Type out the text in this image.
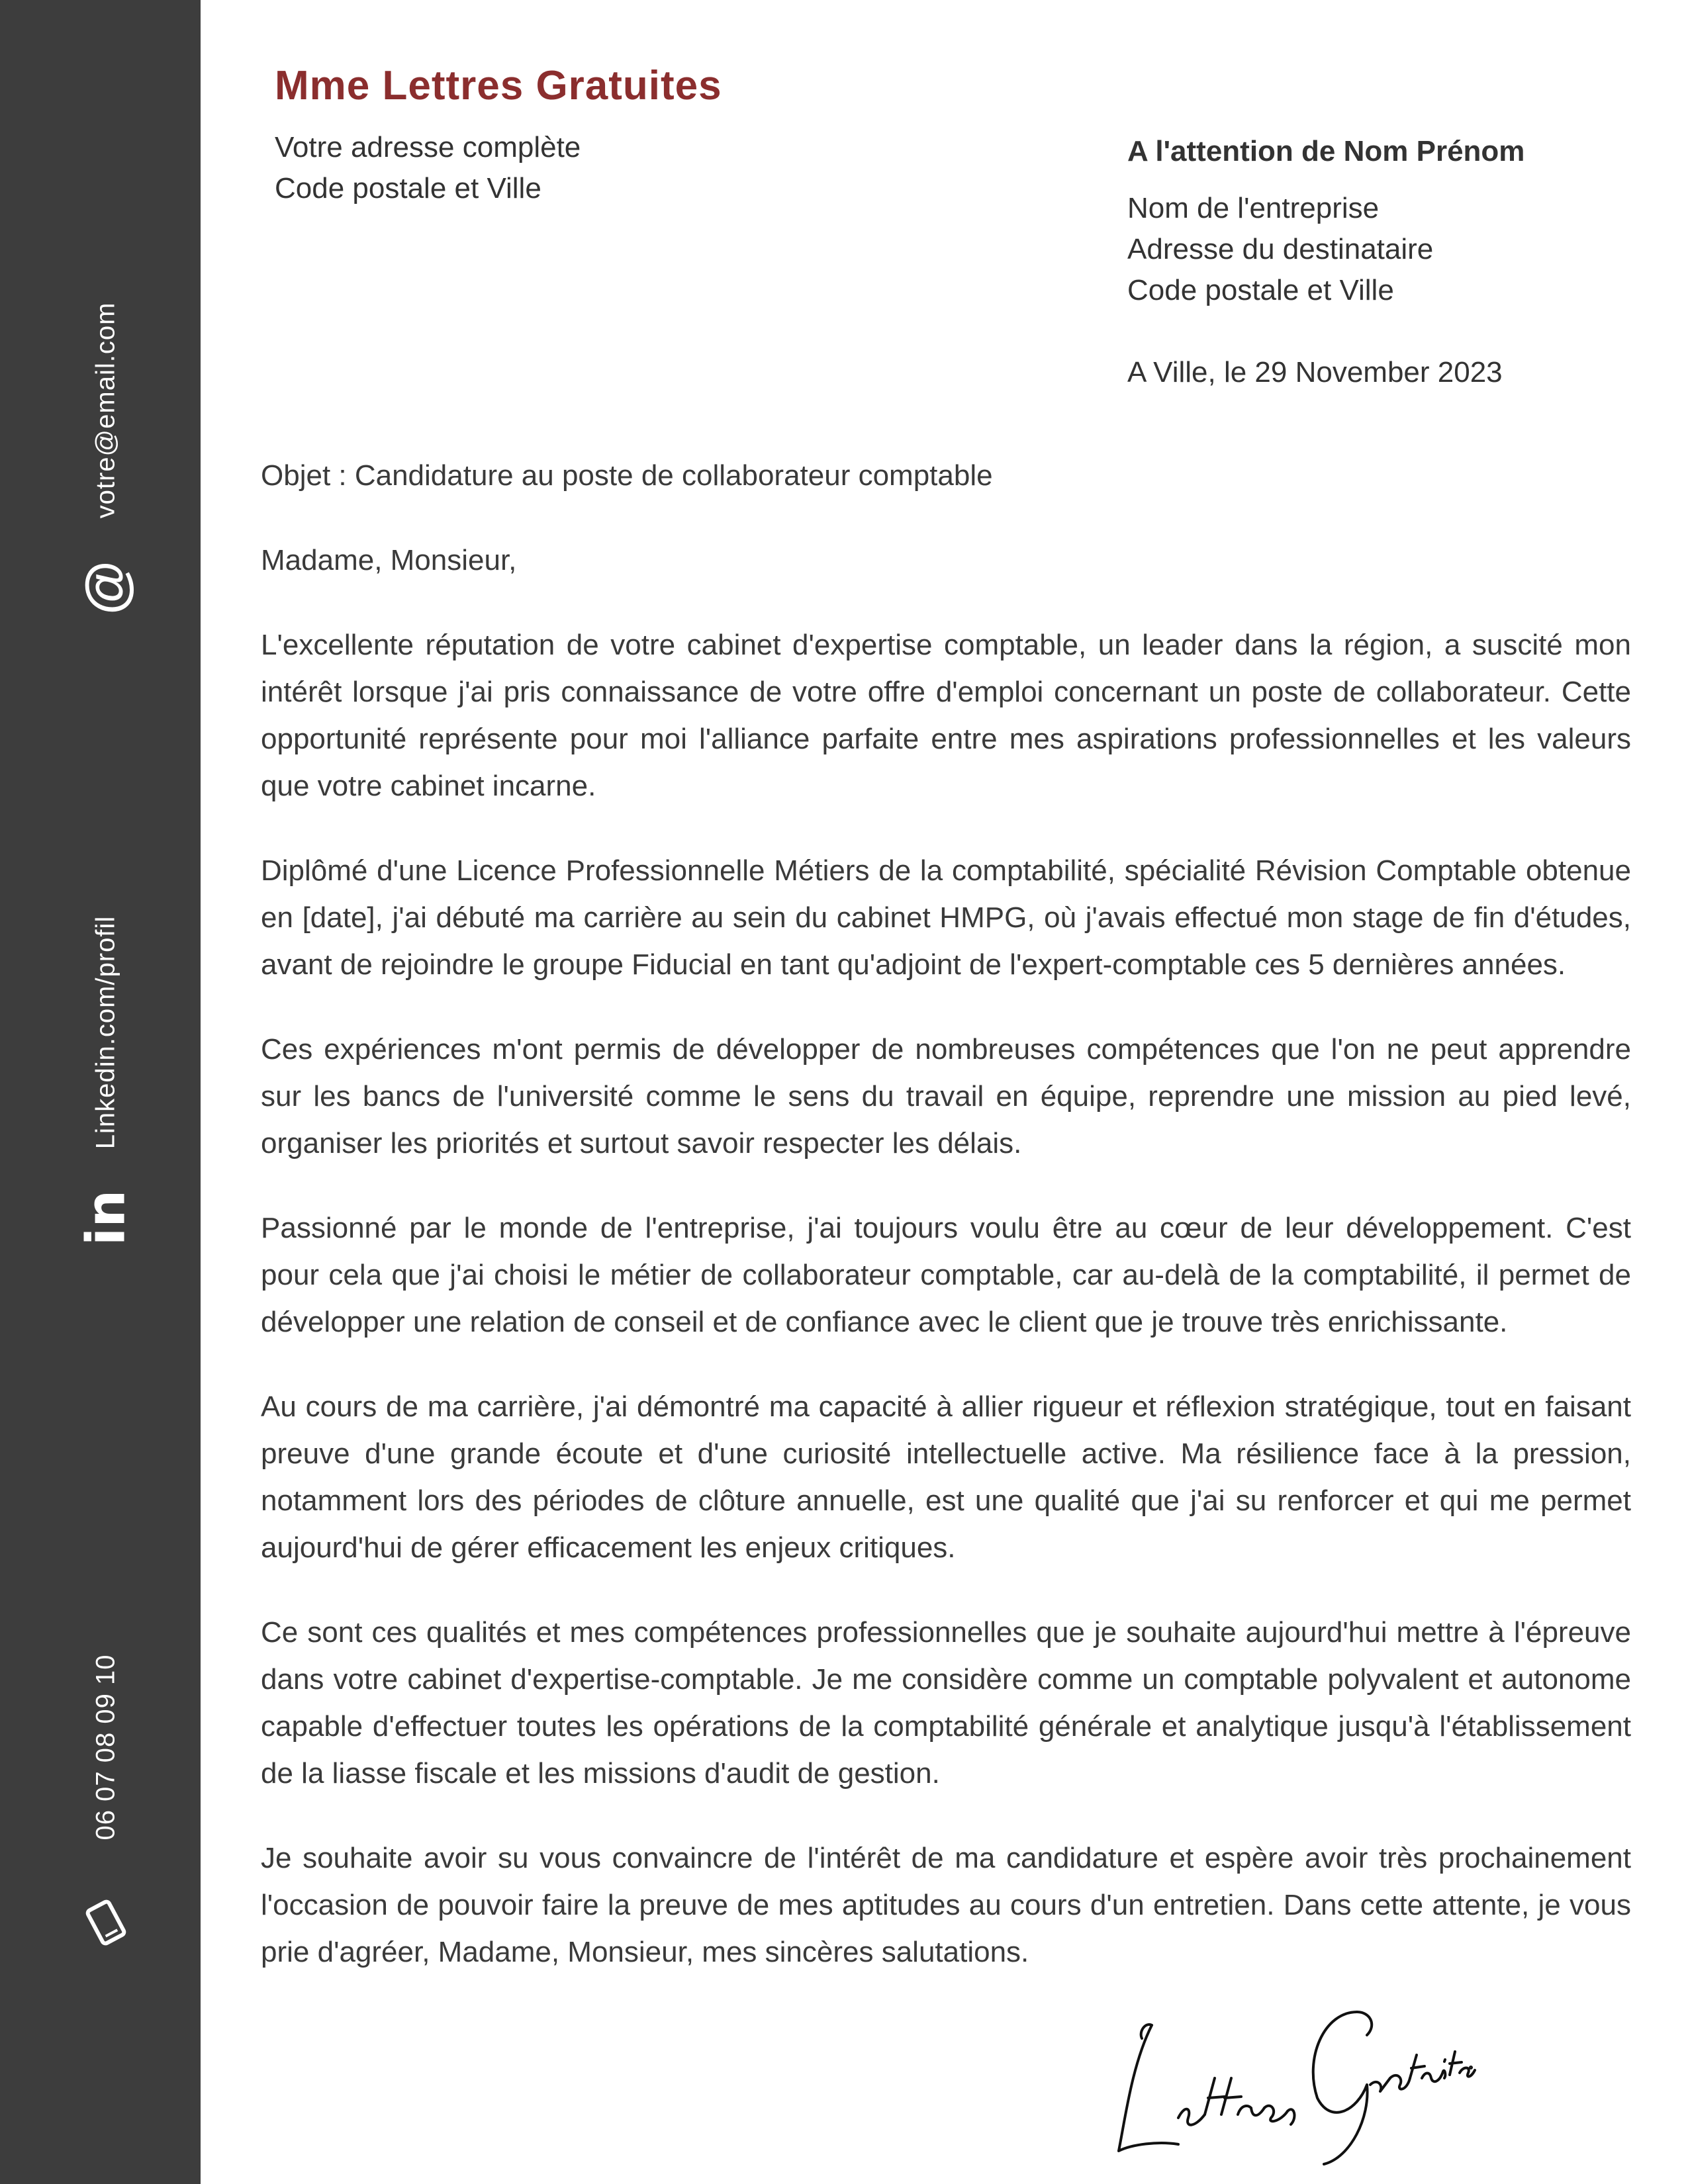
votre@email.com
@
Linkedin.com/profil
in
06 07 08 09 10
Mme Lettres Gratuites
Votre adresse complète
Code postale et Ville
A l'attention de Nom Prénom
Nom de l'entreprise
Adresse du destinataire
Code postale et Ville
A Ville, le 29 November 2023

Objet : Candidature au poste de collaborateur comptable

Madame, Monsieur,

L'excellente réputation de votre cabinet d'expertise comptable, un leader dans la région, a suscité mon intérêt lorsque j'ai pris connaissance de votre offre d'emploi concernant un poste de collaborateur. Cette opportunité représente pour moi l'alliance parfaite entre mes aspirations professionnelles et les valeurs que votre cabinet incarne.

Diplômé d'une Licence Professionnelle Métiers de la comptabilité, spécialité Révision Comptable obtenue en [date], j'ai débuté ma carrière au sein du cabinet HMPG, où j'avais effectué mon stage de fin d'études, avant de rejoindre le groupe Fiducial en tant qu'adjoint de l'expert-comptable ces 5 dernières années.

Ces expériences m'ont permis de développer de nombreuses compétences que l'on ne peut apprendre sur les bancs de l'université comme le sens du travail en équipe, reprendre une mission au pied levé, organiser les priorités et surtout savoir respecter les délais.

Passionné par le monde de l'entreprise, j'ai toujours voulu être au cœur de leur développement. C'est pour cela que j'ai choisi le métier de collaborateur comptable, car au-delà de la comptabilité, il permet de développer une relation de conseil et de confiance avec le client que je trouve très enrichissante.

Au cours de ma carrière, j'ai démontré ma capacité à allier rigueur et réflexion stratégique, tout en faisant preuve d'une grande écoute et d'une curiosité intellectuelle active. Ma résilience face à la pression, notamment lors des périodes de clôture annuelle, est une qualité que j'ai su renforcer et qui me permet aujourd'hui de gérer efficacement les enjeux critiques.

Ce sont ces qualités et mes compétences professionnelles que je souhaite aujourd'hui mettre à l'épreuve dans votre cabinet d'expertise-comptable. Je me considère comme un comptable polyvalent et autonome capable d'effectuer toutes les opérations de la comptabilité générale et analytique jusqu'à l'établissement de la liasse fiscale et les missions d'audit de gestion.

Je souhaite avoir su vous convaincre de l'intérêt de ma candidature et espère avoir très prochainement l'occasion de pouvoir faire la preuve de mes aptitudes au cours d'un entretien. Dans cette attente, je vous prie d'agréer, Madame, Monsieur, mes sincères salutations.
